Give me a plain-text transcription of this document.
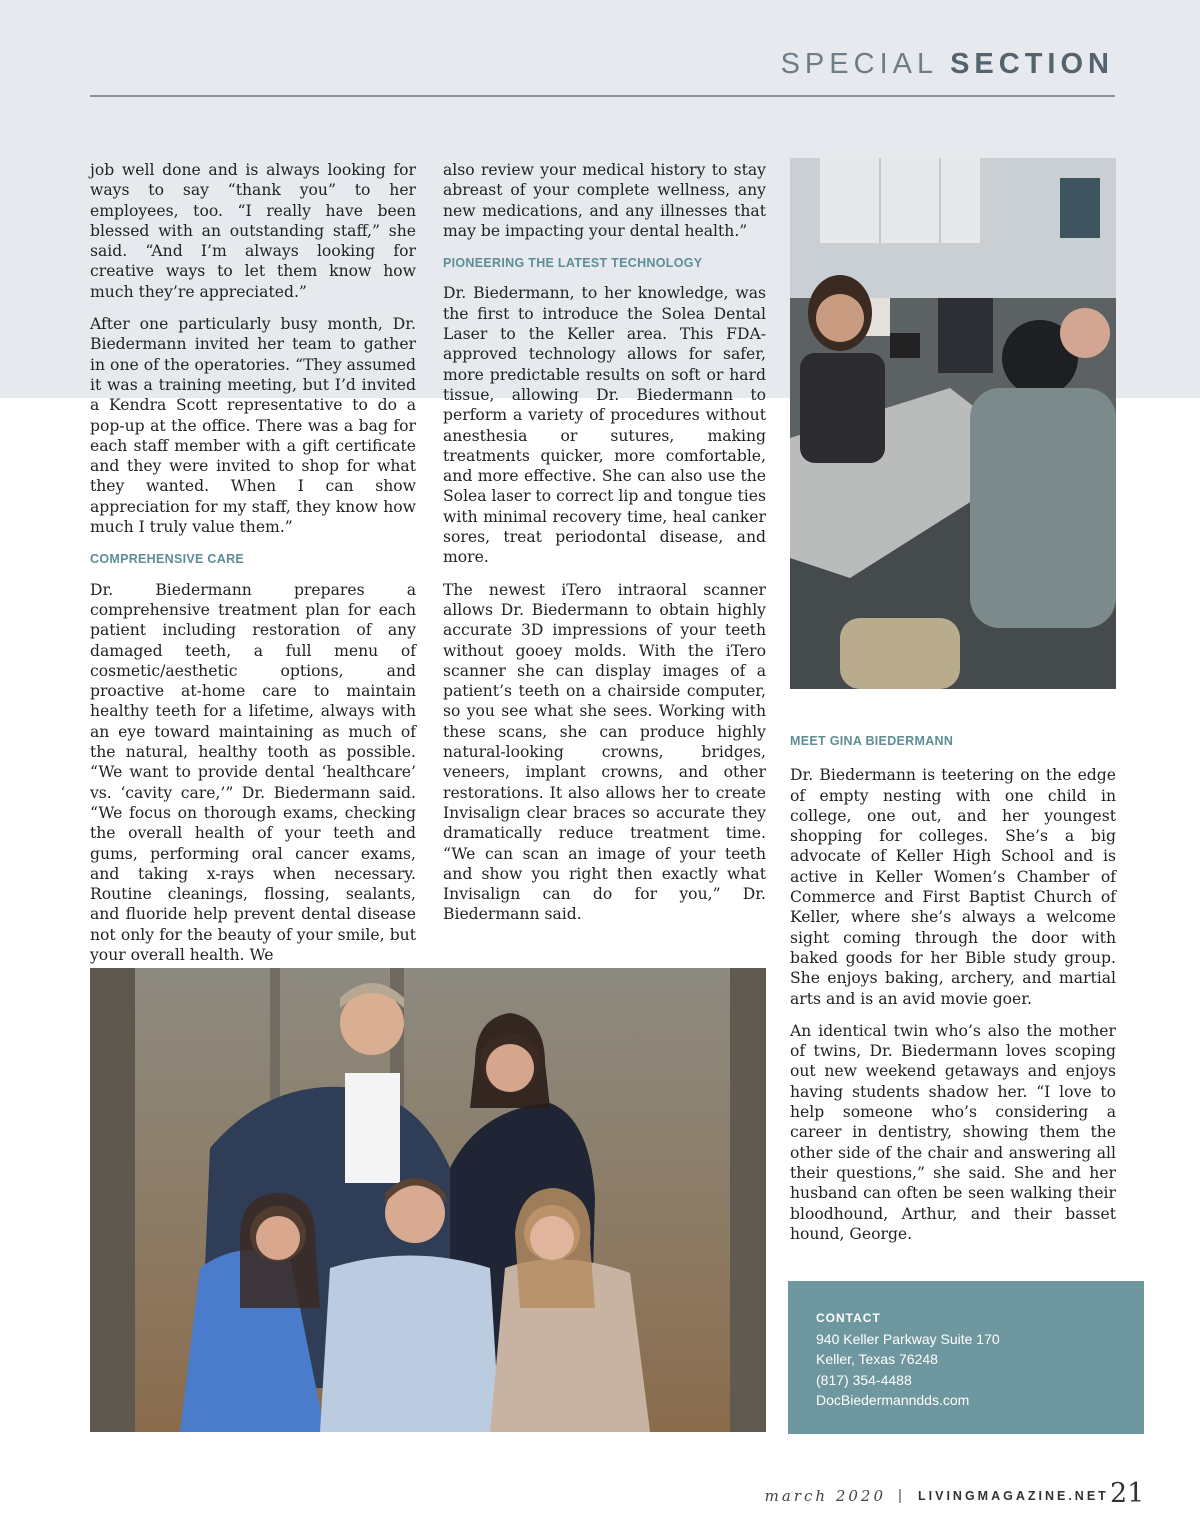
SPECIAL SECTION

job well done and is always looking for ways to say “thank you” to her employees, too. “I really have been blessed with an outstanding staff,” she said. “And I’m always looking for creative ways to let them know how much they’re appreciated.”

After one particularly busy month, Dr. Biedermann invited her team to gather in one of the operatories. “They assumed it was a training meeting, but I’d invited a Kendra Scott representative to do a pop-up at the office. There was a bag for each staff member with a gift certificate and they were invited to shop for what they wanted. When I can show appreciation for my staff, they know how much I truly value them.”

COMPREHENSIVE CARE

Dr. Biedermann prepares a comprehensive treatment plan for each patient including restoration of any damaged teeth, a full menu of cosmetic/aesthetic options, and proactive at-home care to maintain healthy teeth for a lifetime, always with an eye toward maintaining as much of the natural, healthy tooth as possible. “We want to provide dental ‘healthcare’ vs. ‘cavity care,’” Dr. Biedermann said. “We focus on thorough exams, checking the overall health of your teeth and gums, performing oral cancer exams, and taking x-rays when necessary. Routine cleanings, flossing, sealants, and fluoride help prevent dental disease not only for the beauty of your smile, but your overall health. We

also review your medical history to stay abreast of your complete wellness, any new medications, and any illnesses that may be impacting your dental health.”

PIONEERING THE LATEST TECHNOLOGY

Dr. Biedermann, to her knowledge, was the first to introduce the Solea Dental Laser to the Keller area. This FDA-approved technology allows for safer, more predictable results on soft or hard tissue, allowing Dr. Biedermann to perform a variety of procedures without anesthesia or sutures, making treatments quicker, more comfortable, and more effective. She can also use the Solea laser to correct lip and tongue ties with minimal recovery time, heal canker sores, treat periodontal disease, and more.

The newest iTero intraoral scanner allows Dr. Biedermann to obtain highly accurate 3D impressions of your teeth without gooey molds. With the iTero scanner she can display images of a patient’s teeth on a chairside computer, so you see what she sees. Working with these scans, she can produce highly natural-looking crowns, bridges, veneers, implant crowns, and other restorations. It also allows her to create Invisalign clear braces so accurate they dramatically reduce treatment time. “We can scan an image of your teeth and show you right then exactly what Invisalign can do for you,” Dr. Biedermann said.

MEET GINA BIEDERMANN

Dr. Biedermann is teetering on the edge of empty nesting with one child in college, one out, and her youngest shopping for colleges. She’s a big advocate of Keller High School and is active in Keller Women’s Chamber of Commerce and First Baptist Church of Keller, where she’s always a welcome sight coming through the door with baked goods for her Bible study group. She enjoys baking, archery, and martial arts and is an avid movie goer.

An identical twin who’s also the mother of twins, Dr. Biedermann loves scoping out new weekend getaways and enjoys having students shadow her. “I love to help someone who’s considering a career in dentistry, showing them the other side of the chair and answering all their questions,” she said. She and her husband can often be seen walking their bloodhound, Arthur, and their basset hound, George.

CONTACT
940 Keller Parkway Suite 170
Keller, Texas 76248
(817) 354-4488
DocBiedermanndds.com
march 2020 | LIVINGMAGAZINE.NET 21
